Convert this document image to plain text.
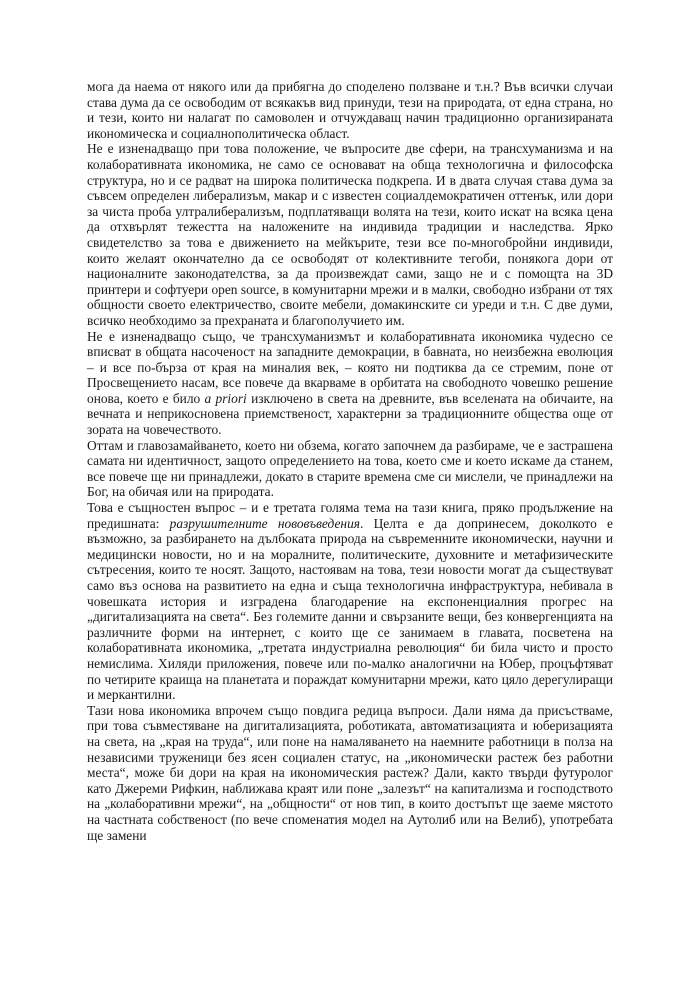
мога да наема от някого или да прибягна до споделено ползване и т.н.? Във всички случаи става дума да се освободим от всякакъв вид принуди, тези на природата, от една страна, но и тези, които ни налагат по самоволен и отчуждаващ начин традиционно организираната икономическа и социалнополитическа област.

Не е изненадващо при това положение, че въпросите две сфери, на трансхуманизма и на колаборативната икономика, не само се основават на обща технологична и философска структура, но и се радват на широка политическа подкрепа. И в двата случая става дума за съвсем определен либерализъм, макар и с известен социалдемократичен оттенък, или дори за чиста проба ултралиберализъм, подплатяващи волята на тези, които искат на всяка цена да отхвърлят тежестта на наложените на индивида традиции и наследства. Ярко свидетелство за това е движението на мейкърите, тези все по-многобройни индивиди, които желаят окончателно да се освободят от колективните тегоби, понякога дори от националните законодателства, за да произвеждат сами, защо не и с помощта на 3D принтери и софтуери open source, в комунитарни мрежи и в малки, свободно избрани от тях общности своето електричество, своите мебели, домакинските си уреди и т.н. С две думи, всичко необходимо за прехраната и благополучието им.

Не е изненадващо също, че трансхуманизмът и колаборативната икономика чудесно се вписват в общата насоченост на западните демокрации, в бавната, но неизбежна еволюция – и все по-бърза от края на миналия век, – която ни подтиква да се стремим, поне от Просвещението насам, все повече да вкарваме в орбитата на свободното човешко решение онова, което е било a priori изключено в света на древните, във вселената на обичаите, на вечната и неприкосновена приемственост, характерни за традиционните общества още от зората на човечеството.

Оттам и главозамайването, което ни обзема, когато започнем да разбираме, че е застрашена самата ни идентичност, защото определението на това, което сме и което искаме да станем, все повече ще ни принадлежи, докато в старите времена сме си мислели, че принадлежи на Бог, на обичая или на природата.

Това е същностен въпрос – и е третата голяма тема на тази книга, пряко продължение на предишната: разрушителните нововъведения. Целта е да допринесем, доколкото е възможно, за разбирането на дълбоката природа на съвременните икономически, научни и медицински новости, но и на моралните, политическите, духовните и метафизическите сътресения, които те носят. Защото, настоявам на това, тези новости могат да съществуват само въз основа на развитието на една и съща технологична инфраструктура, небивала в човешката история и изградена благодарение на експоненциалния прогрес на „дигитализацията на света“. Без големите данни и свързаните вещи, без конвергенцията на различните форми на интернет, с които ще се занимаем в главата, посветена на колаборативната икономика, „третата индустриална революция“ би била чисто и просто немислима. Хиляди приложения, повече или по-малко аналогични на Юбер, процъфтяват по четирите краища на планетата и пораждат комунитарни мрежи, като цяло дерегулиращи и меркантилни.

Тази нова икономика впрочем също повдига редица въпроси. Дали няма да присъстваме, при това съвместяване на дигитализацията, роботиката, автоматизацията и юберизацията на света, на „края на труда“, или поне на намаляването на наемните работници в полза на независими труженици без ясен социален статус, на „икономически растеж без работни места“, може би дори на края на икономическия растеж? Дали, както твърди футуролог като Джереми Рифкин, наближава краят или поне „залезът“ на капитализма и господството на „колаборативни мрежи“, на „общности“ от нов тип, в които достъпът ще заеме мястото на частната собственост (по вече споменатия модел на Аутолиб или на Велиб), употребата ще замени
